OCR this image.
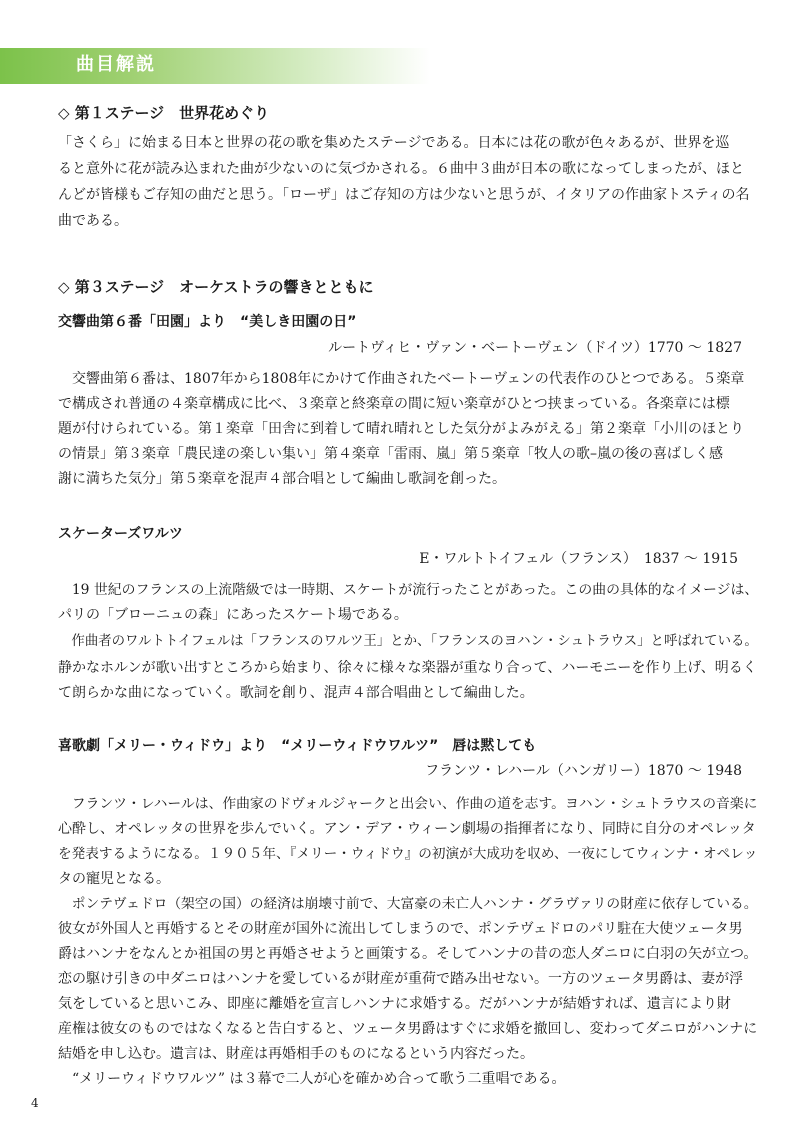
曲目解説
◇ 第１ステージ　世界花めぐり

「さくら」に始まる日本と世界の花の歌を集めたステージである。日本には花の歌が色々あるが、世界を巡

ると意外に花が読み込まれた曲が少ないのに気づかされる。６曲中３曲が日本の歌になってしまったが、ほと

んどが皆様もご存知の曲だと思う。「ローザ」はご存知の方は少ないと思うが、イタリアの作曲家トスティの名

曲である。

◇ 第３ステージ　オーケストラの響きとともに
交響曲第６番「田園」より　“美しき田園の日”
ルートヴィヒ・ヴァン・ベートーヴェン（ドイツ）1770 〜 1827

　交響曲第６番は、1807年から1808年にかけて作曲されたベートーヴェンの代表作のひとつである。５楽章

で構成され普通の４楽章構成に比べ、３楽章と終楽章の間に短い楽章がひとつ挟まっている。各楽章には標

題が付けられている。第１楽章「田舎に到着して晴れ晴れとした気分がよみがえる」第２楽章「小川のほとり

の情景」第３楽章「農民達の楽しい集い」第４楽章「雷雨、嵐」第５楽章「牧人の歌–嵐の後の喜ばしく感

謝に満ちた気分」第５楽章を混声４部合唱として編曲し歌詞を創った。

スケーターズワルツ
E・ワルトトイフェル（フランス）　1837 〜 1915

　19 世紀のフランスの上流階級では一時期、スケートが流行ったことがあった。この曲の具体的なイメージは、

パリの「ブローニュの森」にあったスケート場である。

　作曲者のワルトトイフェルは「フランスのワルツ王」とか、「フランスのヨハン・シュトラウス」と呼ばれている。

静かなホルンが歌い出すところから始まり、徐々に様々な楽器が重なり合って、ハーモニーを作り上げ、明るく

て朗らかな曲になっていく。歌詞を創り、混声４部合唱曲として編曲した。

喜歌劇「メリー・ウィドウ」より　“メリーウィドウワルツ”　唇は黙しても
フランツ・レハール（ハンガリー）1870 〜 1948

　フランツ・レハールは、作曲家のドヴォルジャークと出会い、作曲の道を志す。ヨハン・シュトラウスの音楽に

心酔し、オペレッタの世界を歩んでいく。アン・デア・ウィーン劇場の指揮者になり、同時に自分のオペレッタ

を発表するようになる。１９０５年、『メリー・ウィドウ』の初演が大成功を収め、一夜にしてウィンナ・オペレッ

タの寵児となる。

　ポンテヴェドロ（架空の国）の経済は崩壊寸前で、大富豪の未亡人ハンナ・グラヴァリの財産に依存している。

彼女が外国人と再婚するとその財産が国外に流出してしまうので、ポンテヴェドロのパリ駐在大使ツェータ男

爵はハンナをなんとか祖国の男と再婚させようと画策する。そしてハンナの昔の恋人ダニロに白羽の矢が立つ。

恋の駆け引きの中ダニロはハンナを愛しているが財産が重荷で踏み出せない。一方のツェータ男爵は、妻が浮

気をしていると思いこみ、即座に離婚を宣言しハンナに求婚する。だがハンナが結婚すれば、遺言により財

産権は彼女のものではなくなると告白すると、ツェータ男爵はすぐに求婚を撤回し、変わってダニロがハンナに

結婚を申し込む。遺言は、財産は再婚相手のものになるという内容だった。

　“メリーウィドウワルツ” は３幕で二人が心を確かめ合って歌う二重唱である。

4
